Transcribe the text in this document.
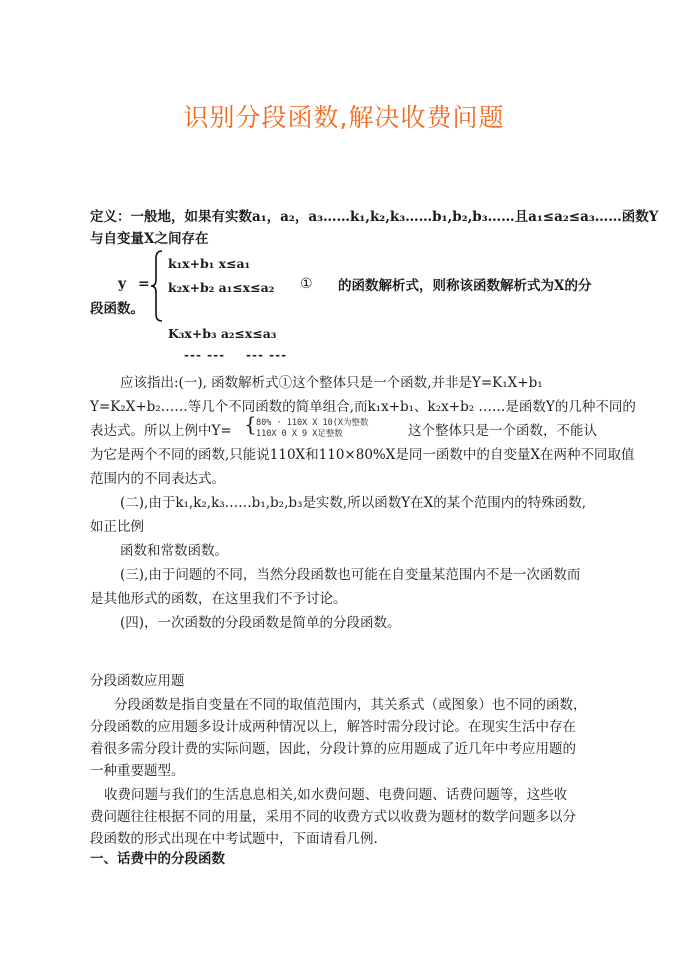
识别分段函数,解决收费问题
定义：一般地，如果有实数a₁，a₂，a₃……k₁,k₂,k₃……b₁,b₂,b₃……且a₁≤a₂≤a₃……函数Y
与自变量X之间存在
y =
k₁x+b₁ x≤a₁
k₂x+b₂ a₁≤x≤a₂ ① 的函数解析式，则称该函数解析式为X的分
段函数。
K₃x+b₃ a₂≤x≤a₃
--- --- --- ---
应该指出:(一), 函数解析式①这个整体只是一个函数,并非是Y=K₁X+b₁
Y=K₂X+b₂……等几个不同函数的简单组合,而k₁x+b₁、k₂x+b₂ ……是函数Y的几种不同的
表达式。所以上例中Y= { 80% · 110X X 10(X为整数
110X 0 X 9 X足整数	这个整体只是一个函数，不能认
为它是两个不同的函数,只能说110X和110×80%X是同一函数中的自变量X在两种不同取值
范围内的不同表达式。
(二),由于k₁,k₂,k₃……b₁,b₂,b₃是实数,所以函数Y在X的某个范围内的特殊函数,
如正比例
函数和常数函数。
(三),由于问题的不同，当然分段函数也可能在自变量某范围内不是一次函数而
是其他形式的函数，在这里我们不予讨论。
(四)，一次函数的分段函数是简单的分段函数。
分段函数应用题
分段函数是指自变量在不同的取值范围内，其关系式（或图象）也不同的函数，
分段函数的应用题多设计成两种情况以上，解答时需分段讨论。在现实生活中存在
着很多需分段计费的实际问题，因此，分段计算的应用题成了近几年中考应用题的
一种重要题型。
收费问题与我们的生活息息相关,如水费问题、电费问题、话费问题等，这些收
费问题往往根据不同的用量，采用不同的收费方式以收费为题材的数学问题多以分
段函数的形式出现在中考试题中，下面请看几例.
一、话费中的分段函数
